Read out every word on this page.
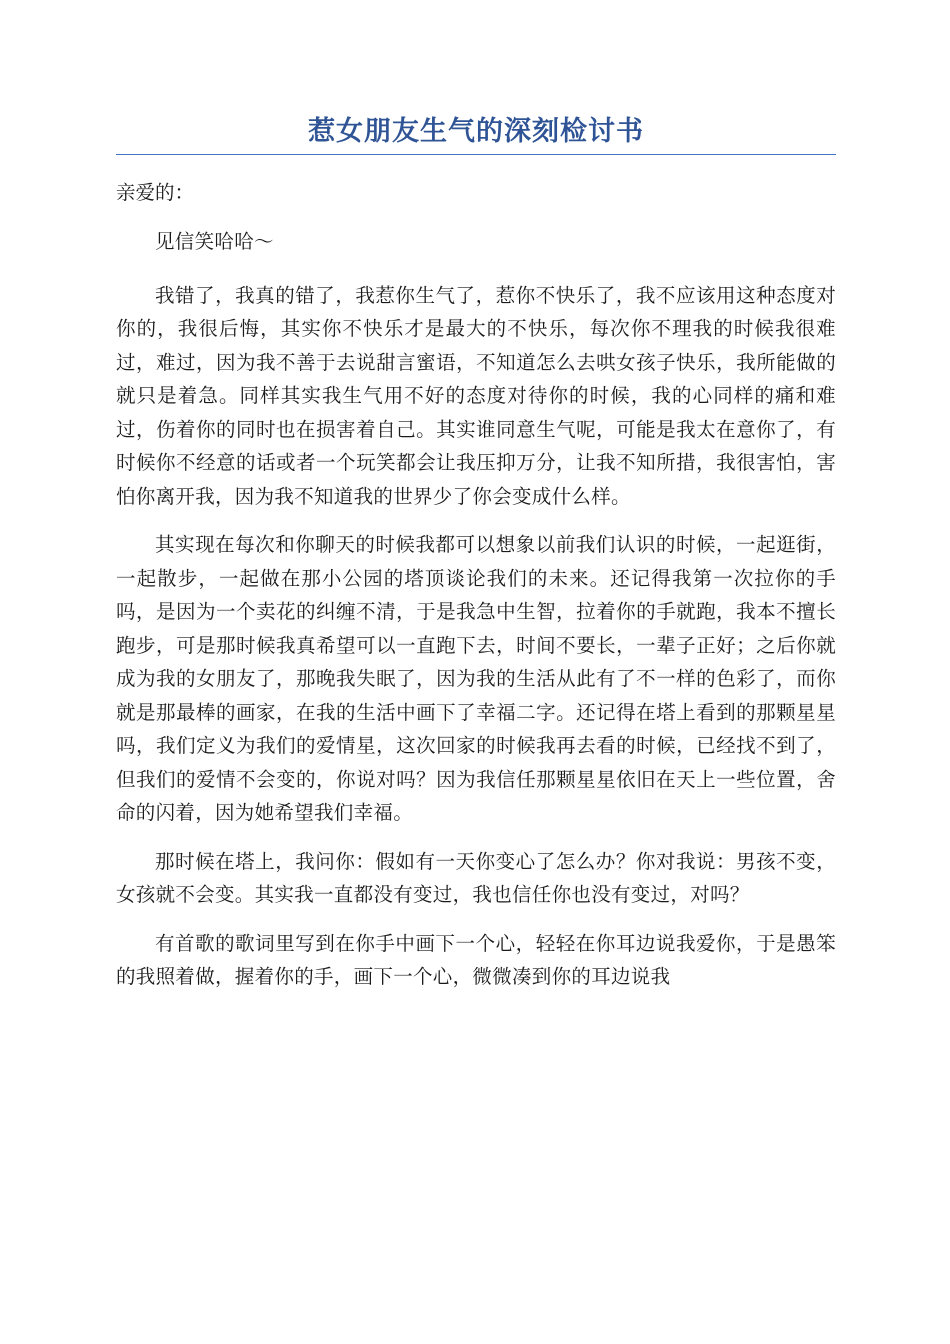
惹女朋友生气的深刻检讨书

亲爱的：

见信笑哈哈～

我错了，我真的错了，我惹你生气了，惹你不快乐了，我不应该用这种态度对你的，我很后悔，其实你不快乐才是最大的不快乐，每次你不理我的时候我很难过，难过，因为我不善于去说甜言蜜语，不知道怎么去哄女孩子快乐，我所能做的就只是着急。同样其实我生气用不好的态度对待你的时候，我的心同样的痛和难过，伤着你的同时也在损害着自己。其实谁同意生气呢，可能是我太在意你了，有时候你不经意的话或者一个玩笑都会让我压抑万分，让我不知所措，我很害怕，害怕你离开我，因为我不知道我的世界少了你会变成什么样。

其实现在每次和你聊天的时候我都可以想象以前我们认识的时候，一起逛街，一起散步，一起做在那小公园的塔顶谈论我们的未来。还记得我第一次拉你的手吗，是因为一个卖花的纠缠不清，于是我急中生智，拉着你的手就跑，我本不擅长跑步，可是那时候我真希望可以一直跑下去，时间不要长，一辈子正好；之后你就成为我的女朋友了，那晚我失眠了，因为我的生活从此有了不一样的色彩了，而你就是那最棒的画家，在我的生活中画下了幸福二字。还记得在塔上看到的那颗星星吗，我们定义为我们的爱情星，这次回家的时候我再去看的时候，已经找不到了，但我们的爱情不会变的，你说对吗？因为我信任那颗星星依旧在天上一些位置，舍命的闪着，因为她希望我们幸福。

那时候在塔上，我问你：假如有一天你变心了怎么办？你对我说：男孩不变，女孩就不会变。其实我一直都没有变过，我也信任你也没有变过，对吗？

有首歌的歌词里写到在你手中画下一个心，轻轻在你耳边说我爱你，于是愚笨的我照着做，握着你的手，画下一个心，微微凑到你的耳边说我
